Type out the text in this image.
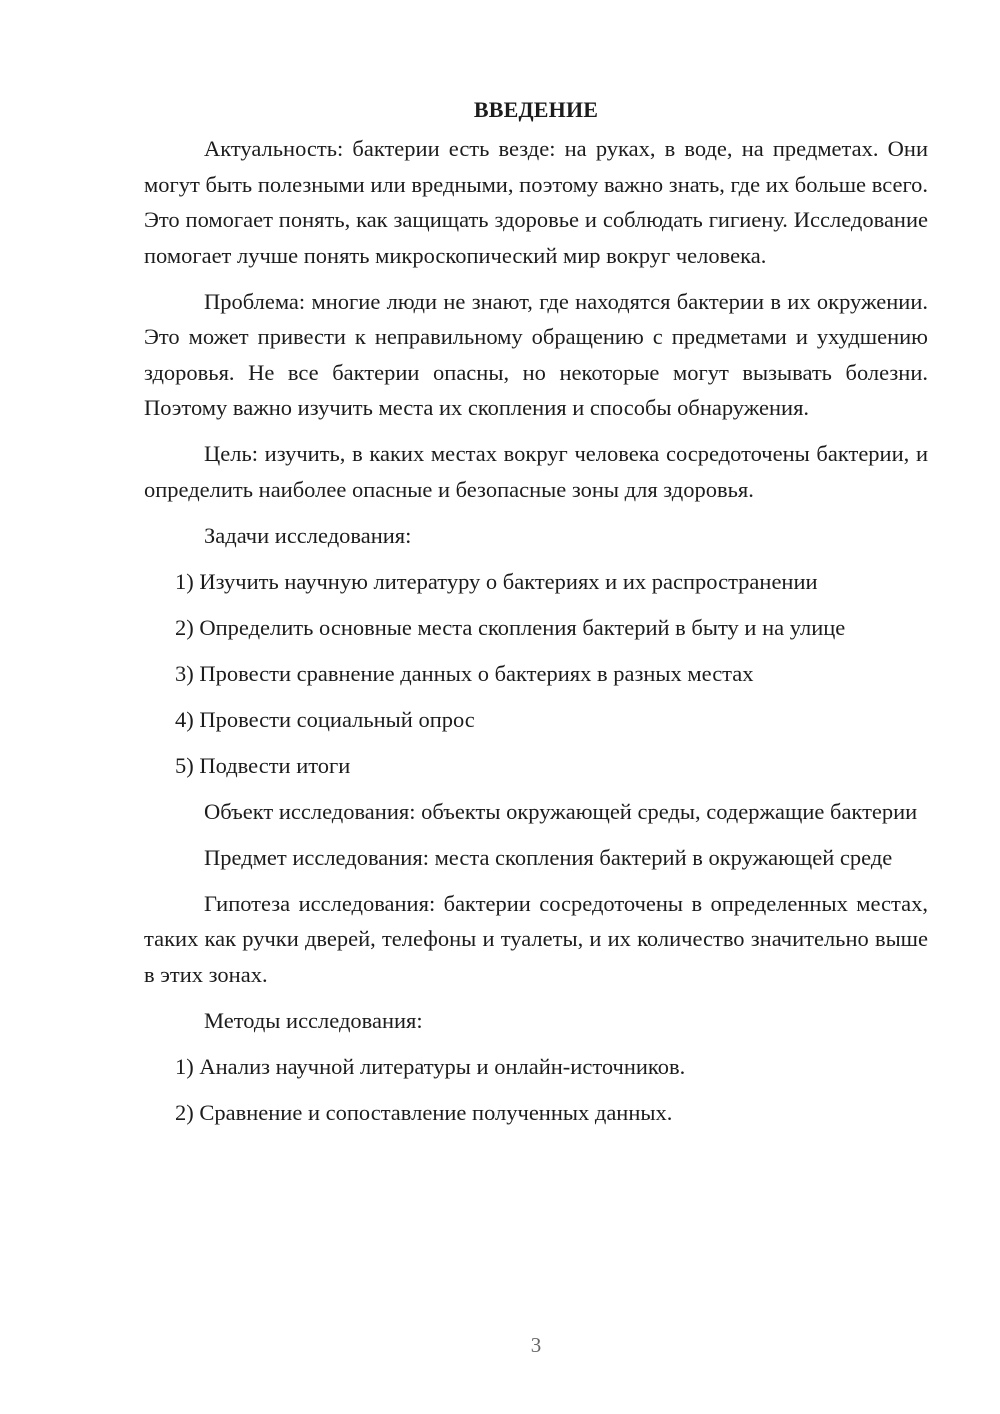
ВВЕДЕНИЕ

Актуальность: бактерии есть везде: на руках, в воде, на предметах. Они могут быть полезными или вредными, поэтому важно знать, где их больше всего. Это помогает понять, как защищать здоровье и соблюдать гигиену. Исследование помогает лучше понять микроскопический мир вокруг человека.

Проблема: многие люди не знают, где находятся бактерии в их окружении. Это может привести к неправильному обращению с предметами и ухудшению здоровья. Не все бактерии опасны, но некоторые могут вызывать болезни. Поэтому важно изучить места их скопления и способы обнаружения.

Цель: изучить, в каких местах вокруг человека сосредоточены бактерии, и определить наиболее опасные и безопасные зоны для здоровья.

Задачи исследования:

1) Изучить научную литературу о бактериях и их распространении
2) Определить основные места скопления бактерий в быту и на улице
3) Провести сравнение данных о бактериях в разных местах
4) Провести социальный опрос
5) Подвести итоги

Объект исследования: объекты окружающей среды, содержащие бактерии

Предмет исследования: места скопления бактерий в окружающей среде

Гипотеза исследования: бактерии сосредоточены в определенных местах, таких как ручки дверей, телефоны и туалеты, и их количество значительно выше в этих зонах.

Методы исследования:

1) Анализ научной литературы и онлайн-источников.
2) Сравнение и сопоставление полученных данных.
3
